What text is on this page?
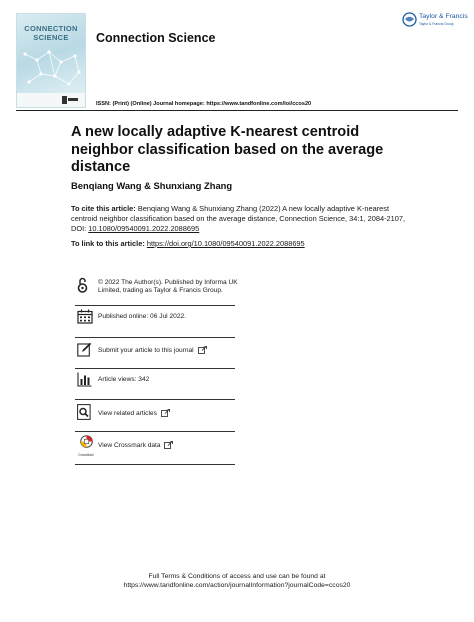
CONNECTION
SCIENCE	Connection Science
Taylor & Francis
Taylor & Francis Group
ISSN: (Print) (Online) Journal homepage: https://www.tandfonline.com/loi/ccos20
A new locally adaptive K-nearest centroid neighbor classification based on the average distance
Benqiang Wang & Shunxiang Zhang
To cite this article: Benqiang Wang & Shunxiang Zhang (2022) A new locally adaptive K-nearest centroid neighbor classification based on the average distance, Connection Science, 34:1, 2084-2107, DOI: 10.1080/09540091.2022.2088695
To link to this article: https://doi.org/10.1080/09540091.2022.2088695
© 2022 The Author(s). Published by Informa UK Limited, trading as Taylor & Francis Group.
Published online: 06 Jul 2022.
Submit your article to this journal
Article views: 342
View related articles
CrossMark
View Crossmark data
Full Terms & Conditions of access and use can be found at
https://www.tandfonline.com/action/journalInformation?journalCode=ccos20
